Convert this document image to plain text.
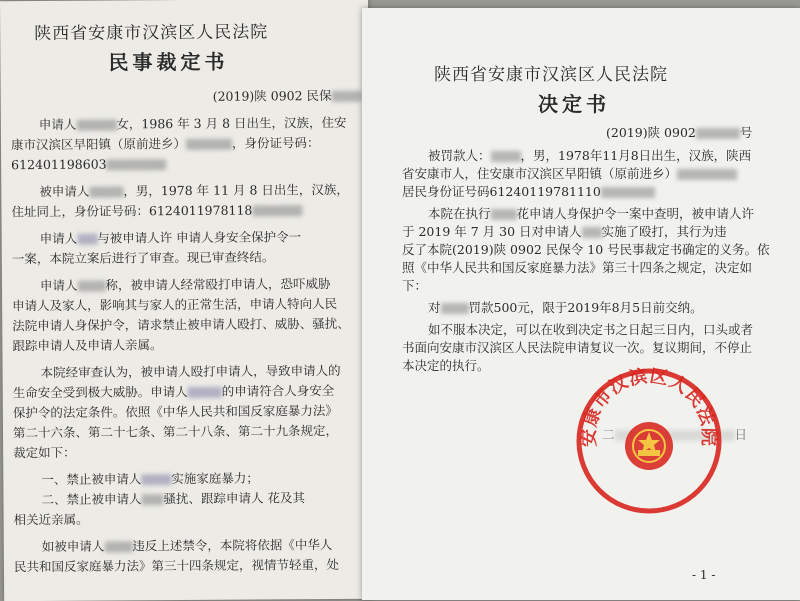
陕西省安康市汉滨区人民法院
民事裁定书
(2019)陕 0902 民保
申请人	女，1986 年 3 月 8 日出生，汉族，住安
康市汉滨区早阳镇（原前进乡）	，身份证号码：
612401198603
被申请人	，男，1978 年 11 月 8 日出生，汉族，
住址同上，身份证号码：6124011978118
申请人 与被申请人许 申请人身安全保护令一
一案，本院立案后进行了审查。现已审查终结。
申请人 称，被申请人经常殴打申请人，恐吓威胁
申请人及家人，影响其与家人的正常生活，申请人特向人民
法院申请人身保护令，请求禁止被申请人殴打、威胁、骚扰、
跟踪申请人及申请人亲属。
本院经审查认为，被申请人殴打申请人，导致申请人的
生命安全受到极大威胁。申请人	的申请符合人身安全
保护令的法定条件。依照《中华人民共和国反家庭暴力法》
第二十六条、第二十七条、第二十八条、第二十九条规定，
裁定如下：
一、禁止被申请人 实施家庭暴力；
二、禁止被申请人 骚扰、跟踪申请人 花及其
相关近亲属。
如被申请人 违反上述禁令，本院将依据《中华人
民共和国反家庭暴力法》第三十四条规定，视情节轻重，处
陕西省安康市汉滨区人民法院
决定书
(2019)陕 0902	号
被罚款人： ，男，1978年11月8日出生，汉族，陕西
省安康市人，住安康市汉滨区早阳镇（原前进乡）
居民身份证号码61240119781110
本院在执行 花申请人身保护令一案中查明，被申请人许
于 2019 年 7 月 30 日对申请人 实施了殴打，其行为违
反了本院(2019)陕 0902 民保令 10 号民事裁定书确定的义务。依
照《中华人民共和国反家庭暴力法》第三十四条之规定，决定如
下：
对 罚款500元，限于2019年8月5日前交纳。
如不服本决定，可以在收到决定书之日起三日内，口头或者
书面向安康市汉滨区人民法院申请复议一次。复议期间，不停止
本决定的执行。
二	日
安康市汉滨区人民法院
- 1 -
